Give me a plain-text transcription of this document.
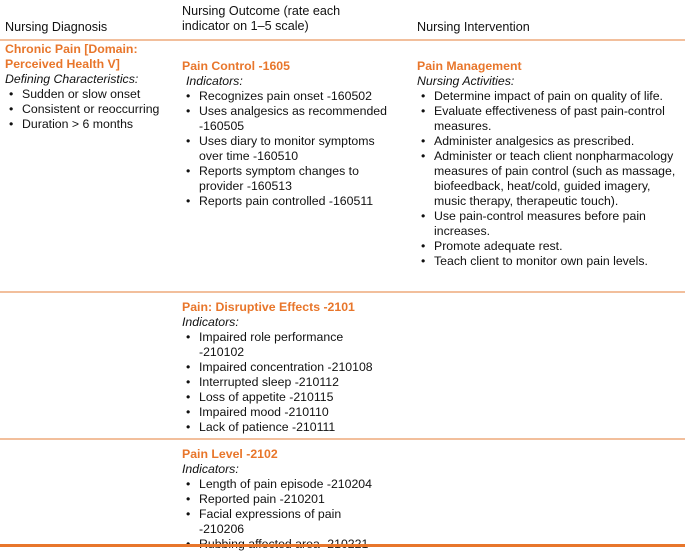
Nursing Diagnosis
Nursing Outcome (rate each indicator on 1–5 scale)	Nursing Intervention
Chronic Pain [Domain: Perceived Health V]
Defining Characteristics:
• Sudden or slow onset
• Consistent or reoccurring
• Duration > 6 months
Pain Control -1605
Indicators:
• Recognizes pain onset -160502
• Uses analgesics as recommended -160505
• Uses diary to monitor symptoms over time -160510
• Reports symptom changes to provider -160513
• Reports pain controlled -160511
Pain Management
Nursing Activities:
• Determine impact of pain on quality of life.
• Evaluate effectiveness of past pain-control measures.
• Administer analgesics as prescribed.
• Administer or teach client nonpharmacology measures of pain control (such as massage, biofeedback, heat/cold, guided imagery, music therapy, therapeutic touch).
• Use pain-control measures before pain increases.
• Promote adequate rest.
• Teach client to monitor own pain levels.
Pain: Disruptive Effects -2101
Indicators:
• Impaired role performance -210102
• Impaired concentration -210108
• Interrupted sleep -210112
• Loss of appetite -210115
• Impaired mood -210110
• Lack of patience -210111
Pain Level -2102
Indicators:
• Length of pain episode -210204
• Reported pain -210201
• Facial expressions of pain -210206
•
